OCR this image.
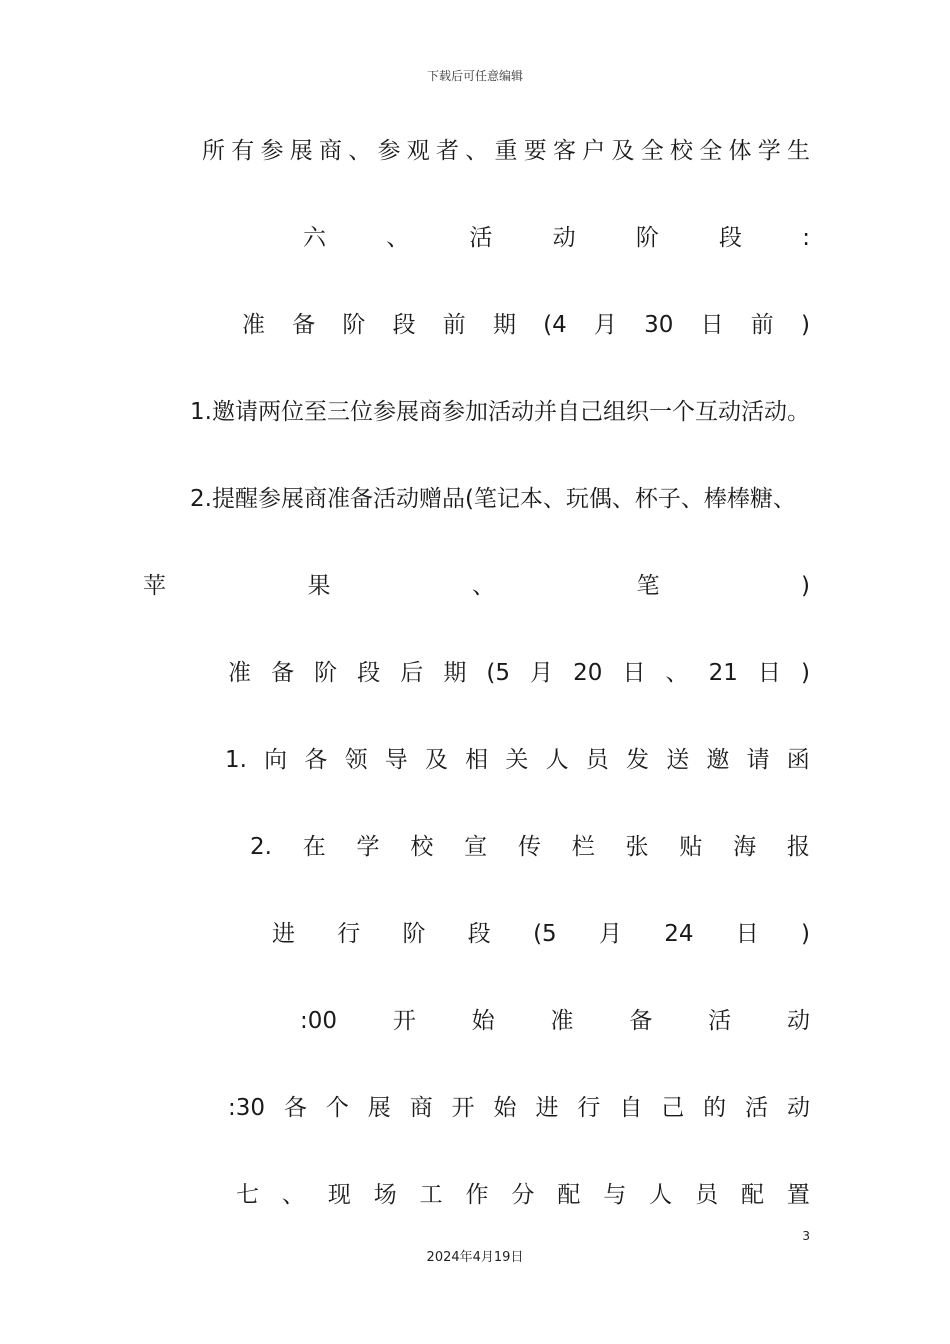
下载后可任意编辑
所 有 参 展 商 、 参 观 者 、 重 要 客 户 及 全 校 全 体 学 生
六	、	活	动	阶	段	:
准 备 阶 段 前 期 (4 月 30 日 前 )
1.邀请两位至三位参展商参加活动并自己组织一个互动活动。
2.提醒参展商准备活动赠品(笔记本、玩偶、杯子、棒棒糖、
苹	果	、	笔	)
准 备 阶 段 后 期 (5 月 20 日 、 21 日 )
1. 向 各 领 导 及 相 关 人 员 发 送 邀 请 函
2. 在 学 校 宣 传 栏 张 贴 海 报
进 行 阶 段 (5 月 24 日 )
:00 开 始 准 备 活 动
:30 各 个 展 商 开 始 进 行 自 己 的 活 动
七 、 现 场 工 作 分 配 与 人 员 配 置
3
2024年4月19日
